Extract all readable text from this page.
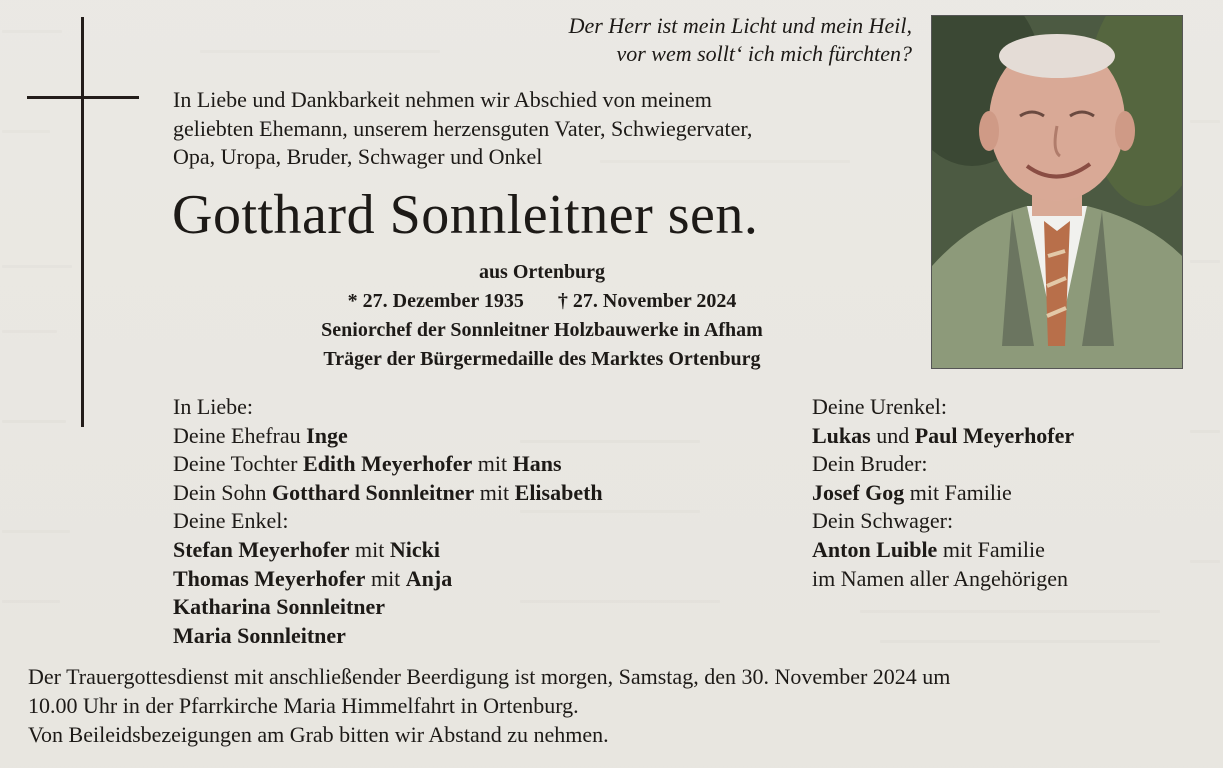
Der Herr ist mein Licht und mein Heil,
vor wem sollt‘ ich mich fürchten?
In Liebe und Dankbarkeit nehmen wir Abschied von meinem
geliebten Ehemann, unserem herzensguten Vater, Schwiegervater,
Opa, Uropa, Bruder, Schwager und Onkel
Gotthard Sonnleitner sen.
aus Ortenburg
* 27. Dezember 1935 † 27. November 2024
Seniorchef der Sonnleitner Holzbauwerke in Afham
Träger der Bürgermedaille des Marktes Ortenburg
In Liebe:
Deine Ehefrau Inge
Deine Tochter Edith Meyerhofer mit Hans
Dein Sohn Gotthard Sonnleitner mit Elisabeth
Deine Enkel:
Stefan Meyerhofer mit Nicki
Thomas Meyerhofer mit Anja
Katharina Sonnleitner
Maria Sonnleitner
Deine Urenkel:
Lukas und Paul Meyerhofer
Dein Bruder:
Josef Gog mit Familie
Dein Schwager:
Anton Luible mit Familie
im Namen aller Angehörigen
Der Trauergottesdienst mit anschließender Beerdigung ist morgen, Samstag, den 30. November 2024 um
10.00 Uhr in der Pfarrkirche Maria Himmelfahrt in Ortenburg.
Von Beileidsbezeigungen am Grab bitten wir Abstand zu nehmen.
